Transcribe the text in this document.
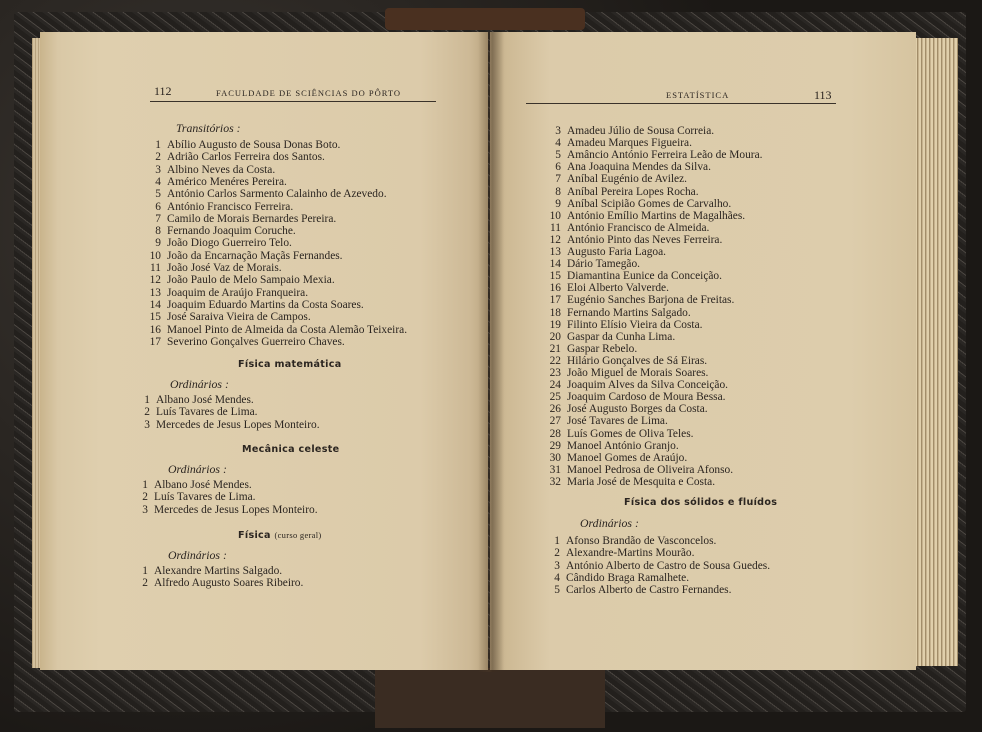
112	FACULDADE DE SCIÊNCIAS DO PÔRTO
Transitórios :
1 Abílio Augusto de Sousa Donas Boto.
2 Adrião Carlos Ferreira dos Santos.
3 Albino Neves da Costa.
4 Américo Menéres Pereira.
5 António Carlos Sarmento Calainho de Azevedo.
6 António Francisco Ferreira.
7 Camilo de Morais Bernardes Pereira.
8 Fernando Joaquim Coruche.
9 João Diogo Guerreiro Telo.
10 João da Encarnação Maçãs Fernandes.
11 João José Vaz de Morais.
12 João Paulo de Melo Sampaio Mexia.
13 Joaquim de Araújo Franqueira.
14 Joaquim Eduardo Martins da Costa Soares.
15 José Saraiva Vieira de Campos.
16 Manoel Pinto de Almeida da Costa Alemão Teixeira.
17 Severino Gonçalves Guerreiro Chaves.
Física matemática
Ordinários :
1 Albano José Mendes.
2 Luís Tavares de Lima.
3 Mercedes de Jesus Lopes Monteiro.
Mecânica celeste
Ordinários :
1 Albano José Mendes.
2 Luís Tavares de Lima.
3 Mercedes de Jesus Lopes Monteiro.
Física (curso geral)
Ordinários :
1 Alexandre Martins Salgado.
2 Alfredo Augusto Soares Ribeiro.
ESTATÍSTICA	113
3 Amadeu Júlio de Sousa Correia.
4 Amadeu Marques Figueira.
5 Amâncio António Ferreira Leão de Moura.
6 Ana Joaquina Mendes da Silva.
7 Aníbal Eugénio de Avilez.
8 Aníbal Pereira Lopes Rocha.
9 Aníbal Scipião Gomes de Carvalho.
10 António Emílio Martins de Magalhães.
11 António Francisco de Almeida.
12 António Pinto das Neves Ferreira.
13 Augusto Faria Lagoa.
14 Dário Tamegão.
15 Diamantina Eunice da Conceição.
16 Eloi Alberto Valverde.
17 Eugénio Sanches Barjona de Freitas.
18 Fernando Martins Salgado.
19 Filinto Elísio Vieira da Costa.
20 Gaspar da Cunha Lima.
21 Gaspar Rebelo.
22 Hilário Gonçalves de Sá Eiras.
23 João Miguel de Morais Soares.
24 Joaquim Alves da Silva Conceição.
25 Joaquim Cardoso de Moura Bessa.
26 José Augusto Borges da Costa.
27 José Tavares de Lima.
28 Luís Gomes de Oliva Teles.
29 Manoel António Granjo.
30 Manoel Gomes de Araújo.
31 Manoel Pedrosa de Oliveira Afonso.
32 Maria José de Mesquita e Costa.
Física dos sólidos e fluídos
Ordinários :
1 Afonso Brandão de Vasconcelos.
2 Alexandre-Martins Mourão.
3 António Alberto de Castro de Sousa Guedes.
4 Cândido Braga Ramalhete.
5 Carlos Alberto de Castro Fernandes.
